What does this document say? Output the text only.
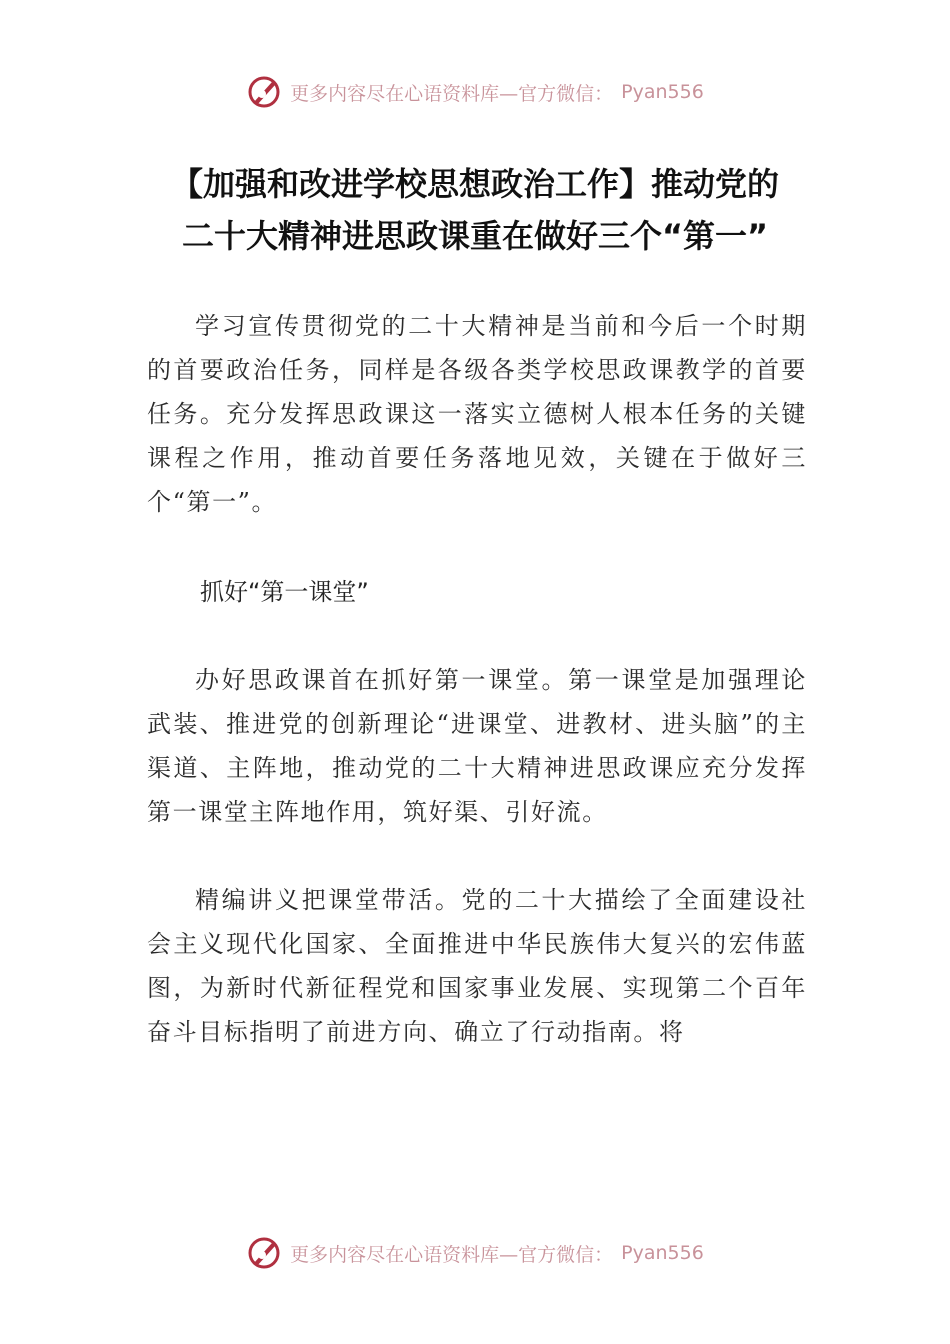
更多内容尽在心语资料库—官方微信： Pyan556
【加强和改进学校思想政治工作】推动党的
二十大精神进思政课重在做好三个“第一”

学习宣传贯彻党的二十大精神是当前和今后一个时期的首要政治任务，同样是各级各类学校思政课教学的首要任务。充分发挥思政课这一落实立德树人根本任务的关键课程之作用，推动首要任务落地见效，关键在于做好三个“第一”。

抓好“第一课堂”

办好思政课首在抓好第一课堂。第一课堂是加强理论武装、推进党的创新理论“进课堂、进教材、进头脑”的主渠道、主阵地，推动党的二十大精神进思政课应充分发挥第一课堂主阵地作用，筑好渠、引好流。

精编讲义把课堂带活。党的二十大描绘了全面建设社会主义现代化国家、全面推进中华民族伟大复兴的宏伟蓝图，为新时代新征程党和国家事业发展、实现第二个百年奋斗目标指明了前进方向、确立了行动指南。将

更多内容尽在心语资料库—官方微信： Pyan556
